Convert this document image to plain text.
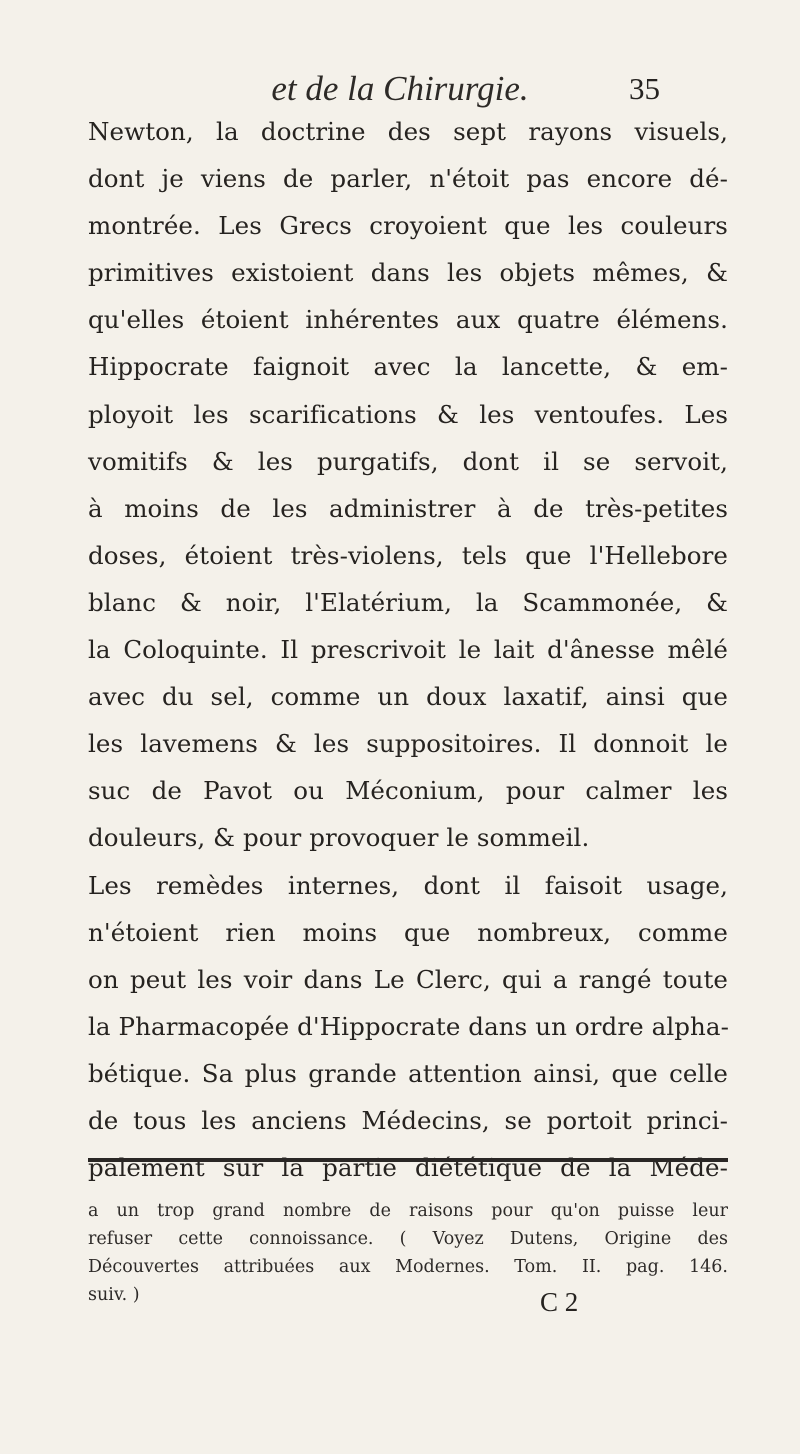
et de la Chirurgie.	35
Newton, la doctrine des sept rayons visuels,
dont je viens de parler, n'étoit pas encore dé-
montrée. Les Grecs croyoient que les couleurs
primitives existoient dans les objets mêmes, &
qu'elles étoient inhérentes aux quatre élémens.
Hippocrate faignoit avec la lancette, & em-
ployoit les scarifications & les ventoufes. Les
vomitifs & les purgatifs, dont il se servoit,
à moins de les administrer à de très-petites
doses, étoient très-violens, tels que l'Hellebore
blanc & noir, l'Elatérium, la Scammonée, &
la Coloquinte. Il prescrivoit le lait d'ânesse mêlé
avec du sel, comme un doux laxatif, ainsi que
les lavemens & les suppositoires. Il donnoit le
suc de Pavot ou Méconium, pour calmer les
douleurs, & pour provoquer le sommeil.
Les remèdes internes, dont il faisoit usage,
n'étoient rien moins que nombreux, comme
on peut les voir dans Le Clerc, qui a rangé toute
la Pharmacopée d'Hippocrate dans un ordre alpha-
bétique. Sa plus grande attention ainsi, que celle
de tous les anciens Médecins, se portoit princi-
palement sur la partie diététique de la Méde-
a un trop grand nombre de raisons pour qu'on puisse leur
refuser cette connoissance. ( Voyez Dutens, Origine des
Découvertes attribuées aux Modernes. Tom. II. pag. 146.
suiv. )	C 2
